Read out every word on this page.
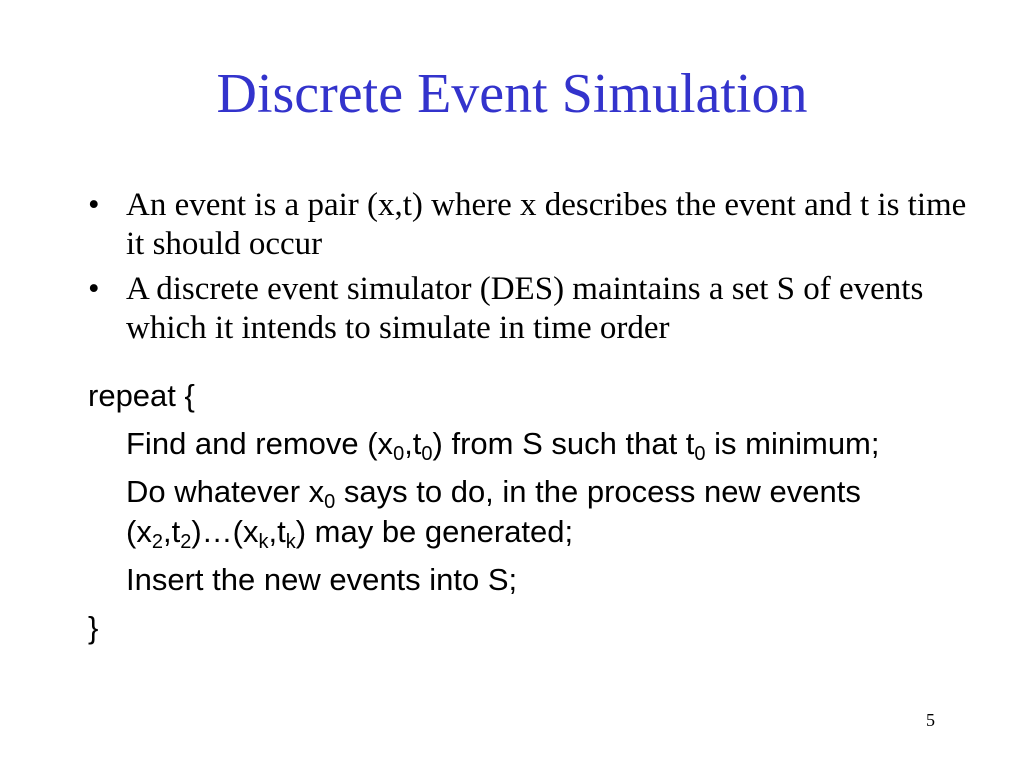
Discrete Event Simulation
• An event is a pair (x,t) where x describes the event and t is time it should occur
• A discrete event simulator (DES) maintains a set S of events which it intends to simulate in time order

repeat {

Find and remove $(x_0,t_0)$ from S such that $t_0$ is minimum;

Do whatever $x_0$ says to do, in the process new events $(x_2,t_2)\dots(x_k,t_k)$ may be generated;

Insert the new events into S;

}

5
